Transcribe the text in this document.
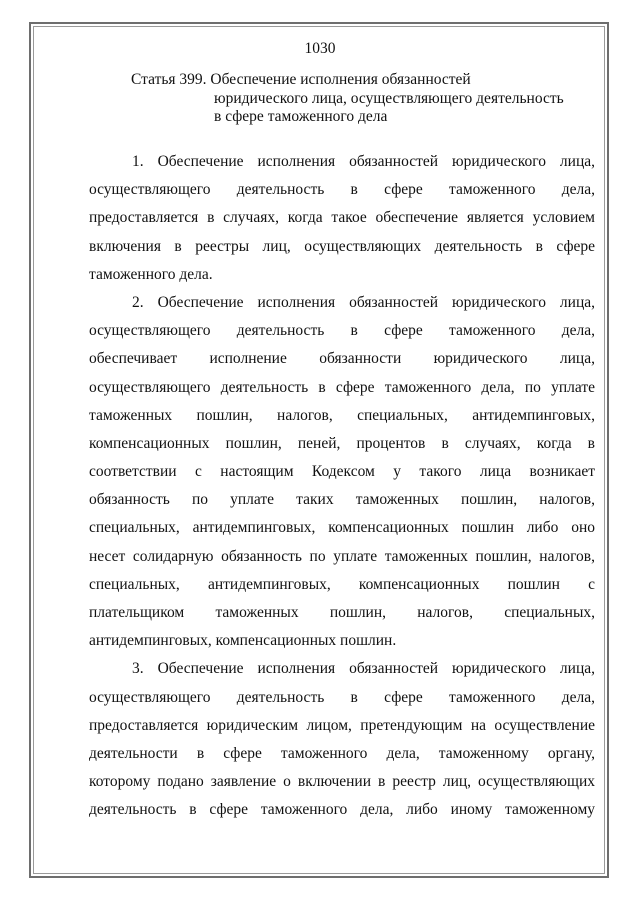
1030
Статья 399. Обеспечение исполнения обязанностей
юридического лица, осуществляющего деятельность
в сфере таможенного дела
1. Обеспечение исполнения обязанностей юридического лица,
осуществляющего деятельность в сфере таможенного дела,
предоставляется в случаях, когда такое обеспечение является условием
включения в реестры лиц, осуществляющих деятельность в сфере
таможенного дела.
2. Обеспечение исполнения обязанностей юридического лица,
осуществляющего деятельность в сфере таможенного дела,
обеспечивает исполнение обязанности юридического лица,
осуществляющего деятельность в сфере таможенного дела, по уплате
таможенных пошлин, налогов, специальных, антидемпинговых,
компенсационных пошлин, пеней, процентов в случаях, когда в
соответствии с настоящим Кодексом у такого лица возникает
обязанность по уплате таких таможенных пошлин, налогов,
специальных, антидемпинговых, компенсационных пошлин либо оно
несет солидарную обязанность по уплате таможенных пошлин, налогов,
специальных, антидемпинговых, компенсационных пошлин с
плательщиком таможенных пошлин, налогов, специальных,
антидемпинговых, компенсационных пошлин.
3. Обеспечение исполнения обязанностей юридического лица,
осуществляющего деятельность в сфере таможенного дела,
предоставляется юридическим лицом, претендующим на осуществление
деятельности в сфере таможенного дела, таможенному органу,
которому подано заявление о включении в реестр лиц, осуществляющих
деятельность в сфере таможенного дела, либо иному таможенному
